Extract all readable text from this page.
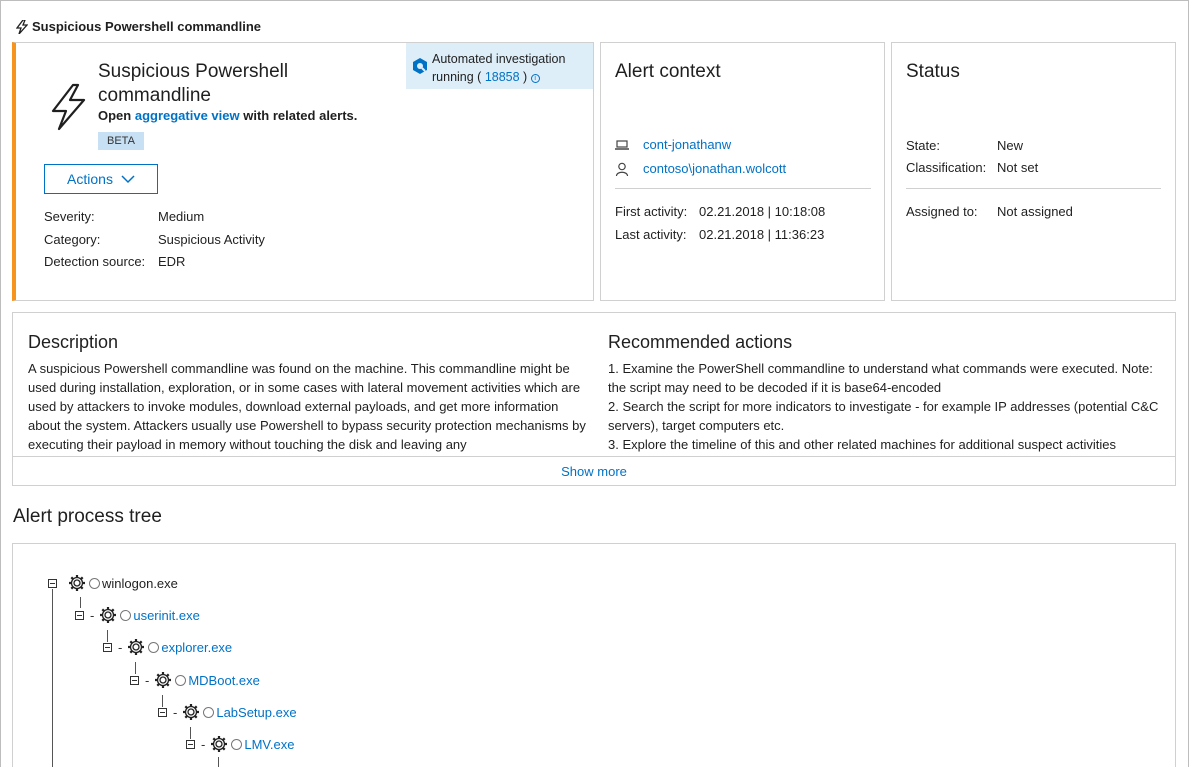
Suspicious Powershell commandline
Suspicious Powershell commandline
Open aggregative view with related alerts.
BETA
Actions
Severity:	Medium
Category:	Suspicious Activity
Detection source: EDR
Automated investigation
running ( 18858 ) i	Alert context
cont-jonathanw
contoso\jonathan.wolcott
First activity: 02.21.2018 | 10:18:08
Last activity: 02.21.2018 | 11:36:23
Status
State:	New
Classification: Not set
Assigned to: Not assigned
Description
A suspicious Powershell commandline was found on the machine. This commandline might be used during installation, exploration, or in some cases with lateral movement activities which are used by attackers to invoke modules, download external payloads, and get more information about the system. Attackers usually use Powershell to bypass security protection mechanisms by executing their payload in memory without touching the disk and leaving any
Recommended actions
1. Examine the PowerShell commandline to understand what commands were executed. Note: the script may need to be decoded if it is base64-encoded
2. Search the script for more indicators to investigate - for example IP addresses (potential C&C servers), target computers etc.
3. Explore the timeline of this and other related machines for additional suspect activities
Show more
Alert process tree
winlogon.exe
-	userinit.exe
-	explorer.exe
-	MDBoot.exe
-	LabSetup.exe
-	LMV.exe
